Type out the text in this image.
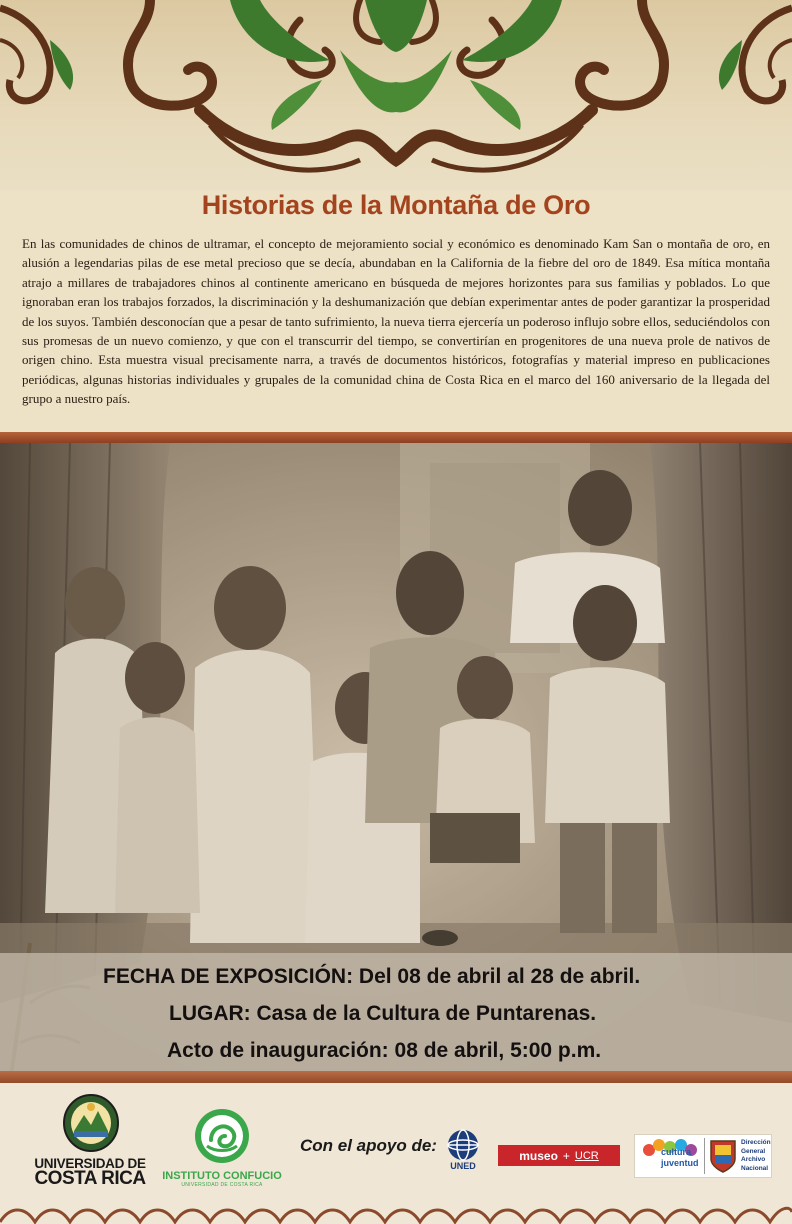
Historias de la Montaña de Oro

En las comunidades de chinos de ultramar, el concepto de mejoramiento social y económico es denominado Kam San o montaña de oro, en alusión a legendarias pilas de ese metal precioso que se decía, abundaban en la California de la fiebre del oro de 1849. Esa mítica montaña atrajo a millares de trabajadores chinos al continente americano en búsqueda de mejores horizontes para sus familias y poblados. Lo que ignoraban eran los trabajos forzados, la discriminación y la deshumanización que debían experimentar antes de poder garantizar la prosperidad de los suyos. También desconocían que a pesar de tanto sufrimiento, la nueva tierra ejercería un poderoso influjo sobre ellos, seduciéndolos con sus promesas de un nuevo comienzo, y que con el transcurrir del tiempo, se convertirían en progenitores de una nueva prole de nativos de origen chino. Esta muestra visual precisamente narra, a través de documentos históricos, fotografías y material impreso en publicaciones periódicas, algunas historias individuales y grupales de la comunidad china de Costa Rica en el marco del 160 aniversario de la llegada del grupo a nuestro país.

FECHA DE EXPOSICIÓN: Del 08 de abril al 28 de abril.
LUGAR: Casa de la Cultura de Puntarenas.
Acto de inauguración: 08 de abril, 5:00 p.m.
UNIVERSIDAD DE
COSTA RICA	INSTITUTO CONFUCIO
UNIVERSIDAD DE COSTA RICA
Con el apoyo de:
UNED
museo + UCR	cultura
juventud
Dirección
General
Archivo
Nacional
